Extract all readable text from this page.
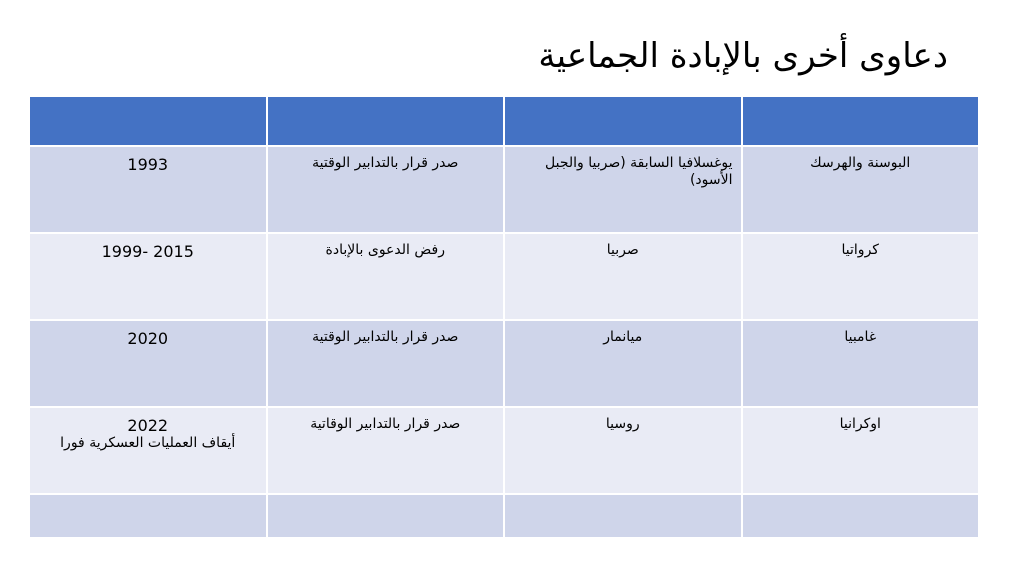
دعاوى أخرى بالإبادة الجماعية

البوسنة والهرسك	يوغسلافيا السابقة (صربيا والجبل الأسود)	صدر قرار بالتدابير الوقتية	1993

كرواتيا	صربيا	رفض الدعوى بالإبادة	1999- 2015

غامبيا	ميانمار	صدر قرار بالتدابير الوقتية	2020

اوكرانيا	روسيا	صدر قرار بالتدابير الوقاتية	2022
أيقاف العمليات العسكرية فورا
